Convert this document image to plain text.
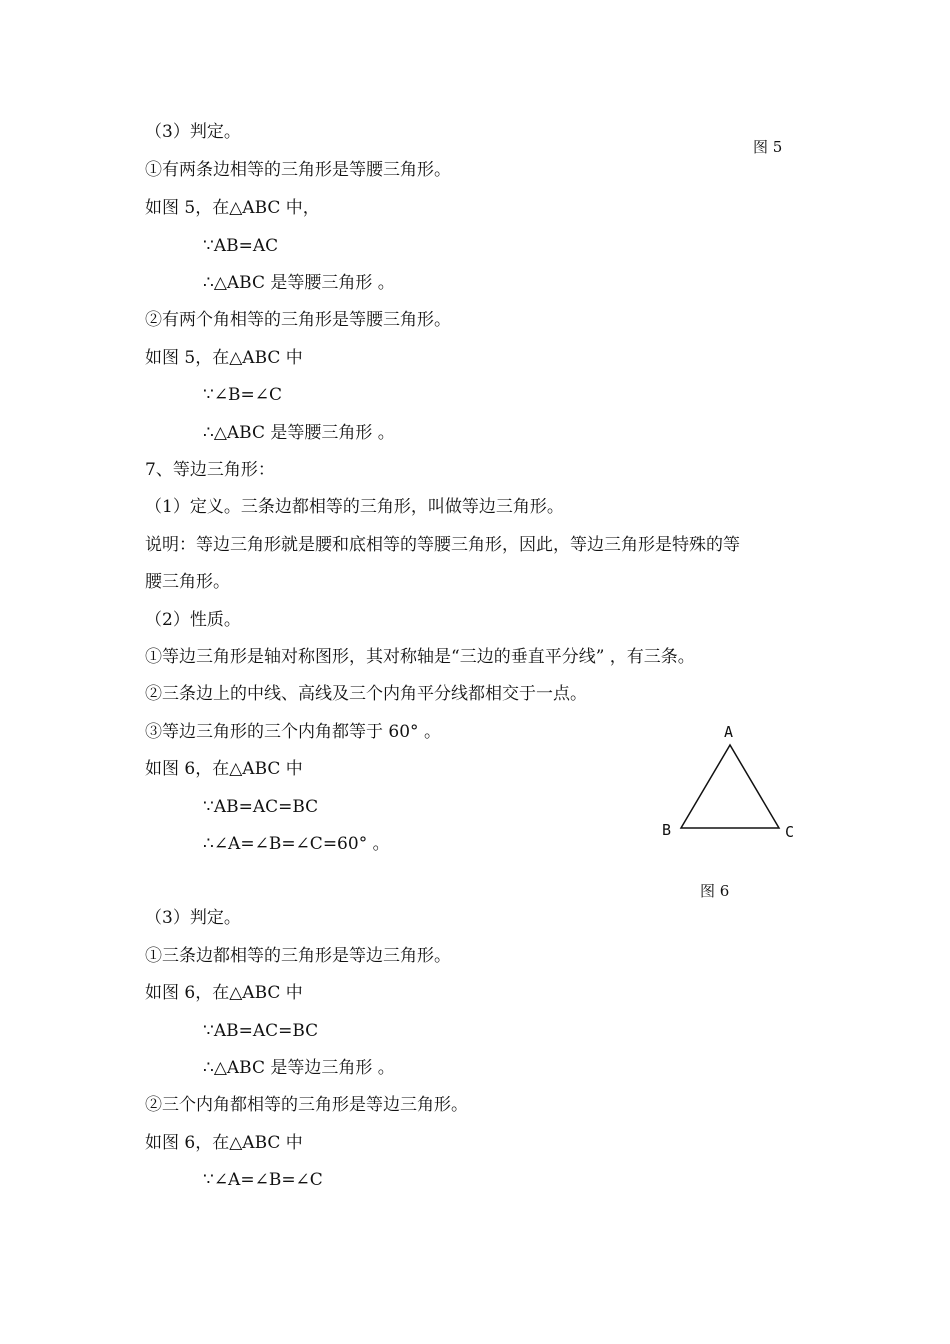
（3）判定。
①有两条边相等的三角形是等腰三角形。
如图 5，在△ABC 中，
∵AB=AC
∴△ABC 是等腰三角形 。
②有两个角相等的三角形是等腰三角形。
如图 5，在△ABC 中
∵∠B=∠C
∴△ABC 是等腰三角形 。
7、等边三角形：
（1）定义。三条边都相等的三角形，叫做等边三角形。
说明：等边三角形就是腰和底相等的等腰三角形，因此，等边三角形是特殊的等
腰三角形。
（2）性质。
①等边三角形是轴对称图形，其对称轴是“三边的垂直平分线” ，有三条。
②三条边上的中线、高线及三个内角平分线都相交于一点。
③等边三角形的三个内角都等于 60° 。
如图 6，在△ABC 中
∵AB=AC=BC
∴∠A=∠B=∠C=60° 。
（3）判定。
①三条边都相等的三角形是等边三角形。
如图 6，在△ABC 中
∵AB=AC=BC
∴△ABC 是等边三角形 。
②三个内角都相等的三角形是等边三角形。
如图 6，在△ABC 中
∵∠A=∠B=∠C
图 5
A
B	C
图 6
